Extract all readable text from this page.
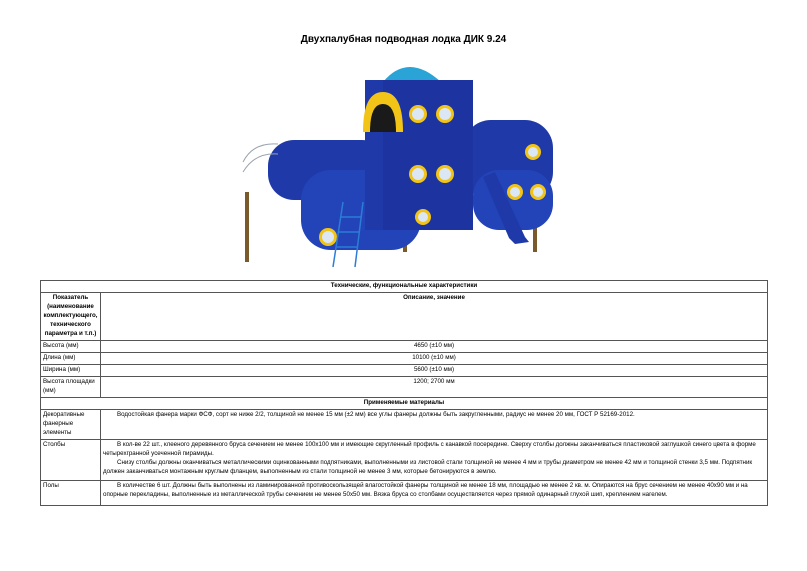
Двухпалубная подводная лодка ДИК 9.24
Технические, функциональные характеристики	
Показатель (наименование комплектующего, технического параметра и т.п.)	Описание, значение
Высота (мм)	4650 (±10 мм)
Длина (мм)	10100 (±10 мм)
Ширина (мм)	5600 (±10 мм)
Высота площадки (мм)	1200; 2700 мм
Применяемые материалы	
Декоративные фанерные элементы	Водостойкая фанера марки ФСФ, сорт не ниже 2/2, толщиной не менее 15 мм (±2 мм) все углы фанеры должны быть закругленными, радиус не менее 20 мм, ГОСТ Р 52169-2012.

Столбы	В кол-ве 22 шт., клееного деревянного бруса сечением не менее 100х100 мм и имеющие скругленный профиль с канавкой посередине. Сверху столбы должны заканчиваться пластиковой заглушкой синего цвета в форме четырехгранной усеченной пирамиды.
Снизу столбы должны оканчиваться металлическими оцинкованными подпятниками, выполненными из листовой стали толщиной не менее 4 мм и трубы диаметром не менее 42 мм и толщиной стенки 3,5 мм. Подпятник должен заканчиваться монтажным круглым фланцем, выполненным из стали толщиной не менее 3 мм, которые бетонируются в землю.

Полы	В количестве 6 шт. Должны быть выполнены из ламинированной противоскользящей влагостойкой фанеры толщиной не менее 18 мм, площадью не менее 2 кв. м. Опираются на брус сечением не менее 40х90 мм и на опорные перекладины, выполненные из металлической трубы сечением не менее 50х50 мм. Вязка бруса со столбами осуществляется через прямой одинарный глухой шип, креплением нагелем.
